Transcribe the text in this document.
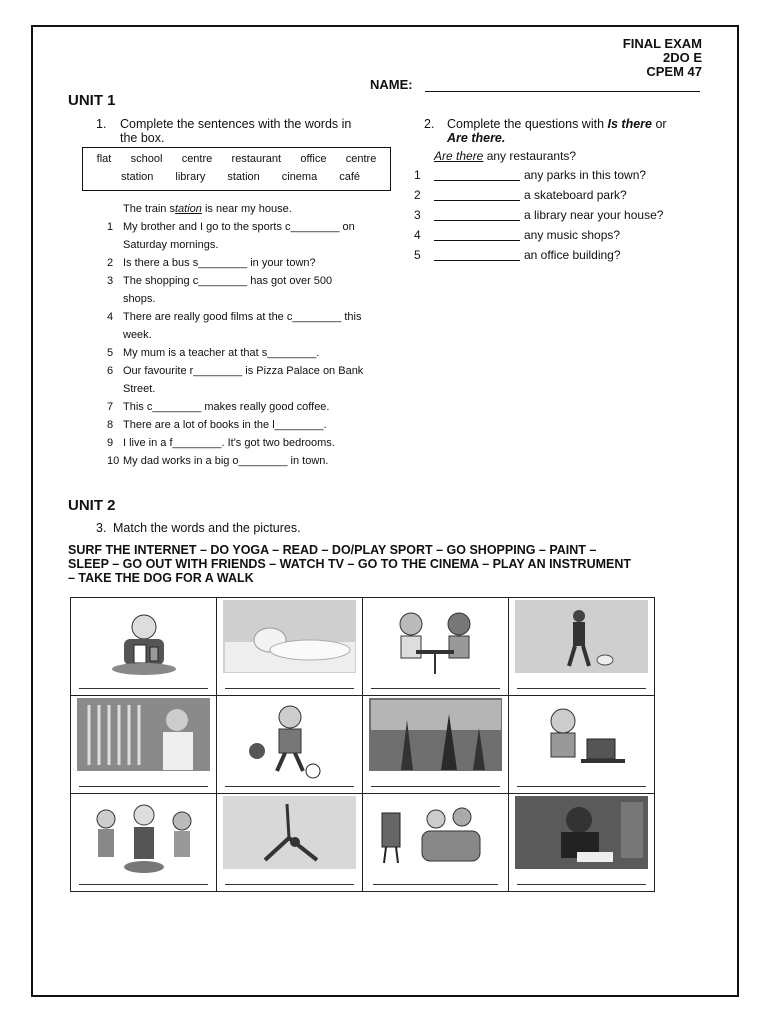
FINAL EXAM
2DO E
CPEM 47
NAME:
UNIT 1
1. Complete the sentences with the words in
the box.
flat school centre restaurant office centre
station library station cinema café
The train station is near my house.
1 My brother and I go to the sports c________ on
Saturday mornings.
2 Is there a bus s________ in your town?
3 The shopping c________ has got over 500
shops.
4 There are really good films at the c________ this
week.
5 My mum is a teacher at that s________.
6 Our favourite r________ is Pizza Palace on Bank
Street.
7 This c________ makes really good coffee.
8 There are a lot of books in the l________.
9 I live in a f________. It's got two bedrooms.
10 My dad works in a big o________ in town.
2. Complete the questions with Is there or
Are there.
Are there any restaurants?
1	any parks in this town?
2	a skateboard park?
3	a library near your house?
4	any music shops?
5	an office building?
UNIT 2
3. Match the words and the pictures.
SURF THE INTERNET – DO YOGA – READ – DO/PLAY SPORT – GO SHOPPING – PAINT –
SLEEP – GO OUT WITH FRIENDS – WATCH TV – GO TO THE CINEMA – PLAY AN INSTRUMENT
– TAKE THE DOG FOR A WALK
